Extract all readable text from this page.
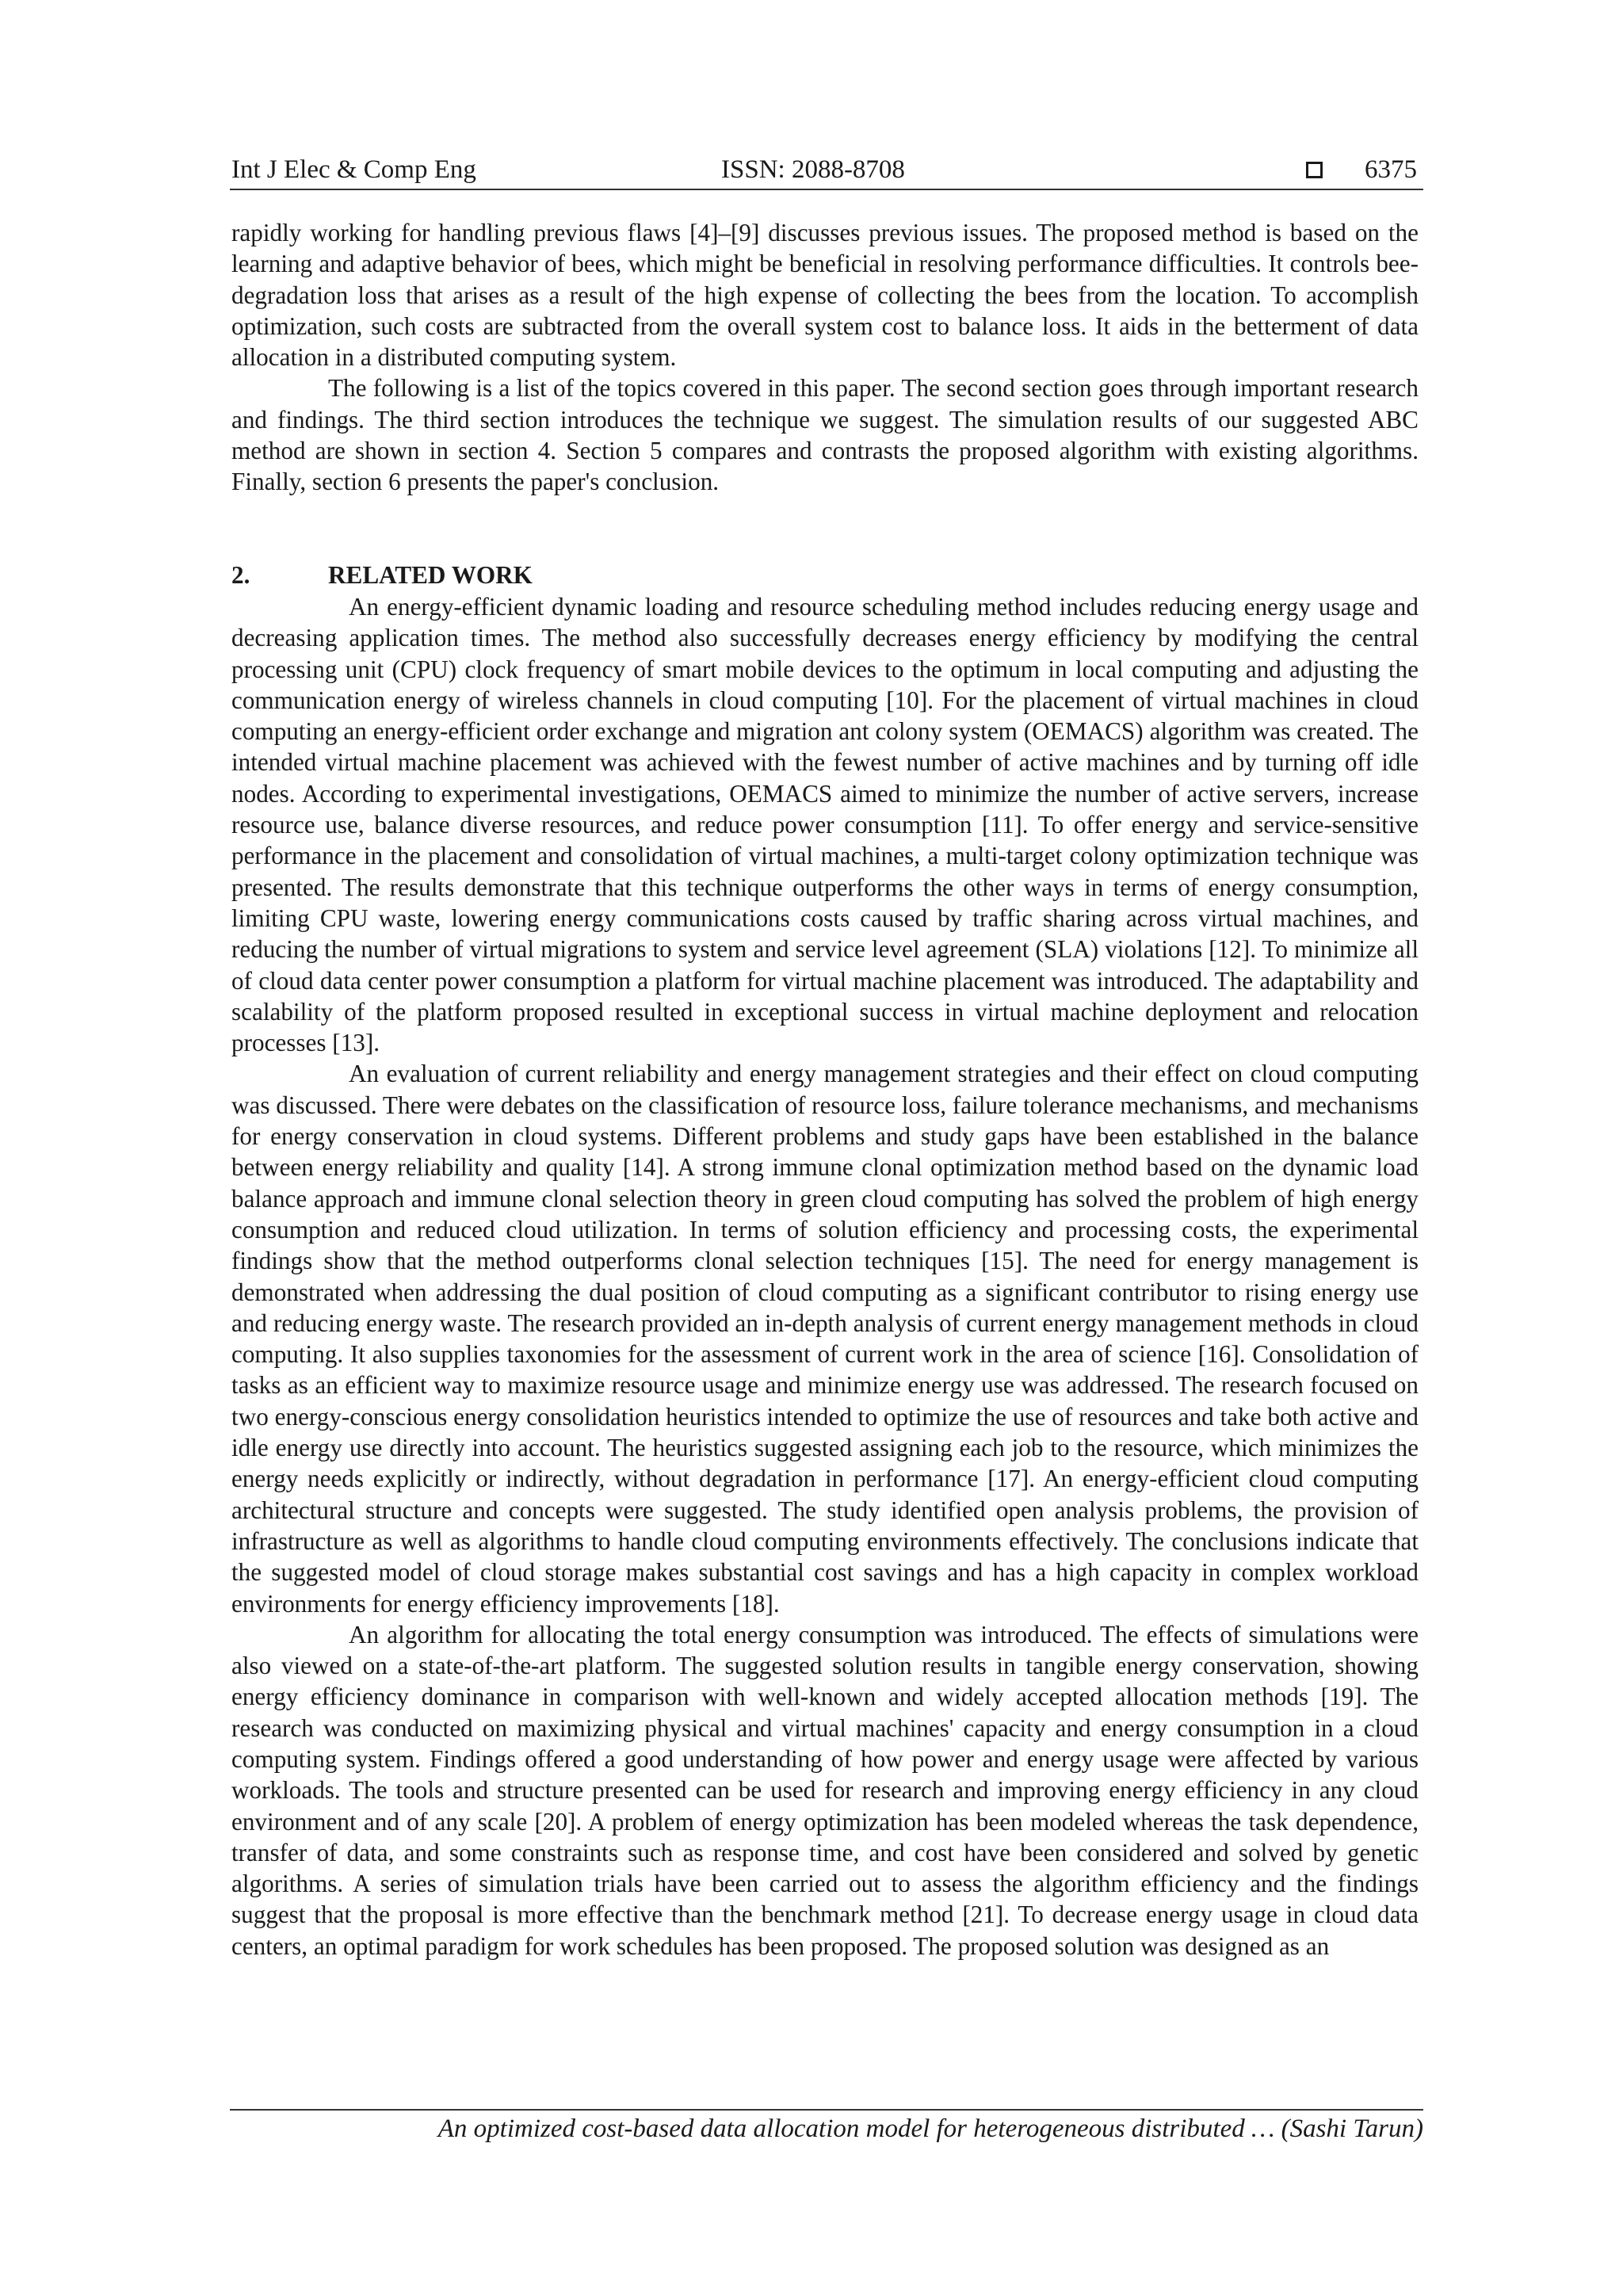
Int J Elec & Comp Eng	ISSN: 2088-8708	6375

rapidly working for handling previous flaws [4]–[9] discusses previous issues. The proposed method is based on the learning and adaptive behavior of bees, which might be beneficial in resolving performance difficulties. It controls bee-degradation loss that arises as a result of the high expense of collecting the bees from the location. To accomplish optimization, such costs are subtracted from the overall system cost to balance loss. It aids in the betterment of data allocation in a distributed computing system.

The following is a list of the topics covered in this paper. The second section goes through important research and findings. The third section introduces the technique we suggest. The simulation results of our suggested ABC method are shown in section 4. Section 5 compares and contrasts the proposed algorithm with existing algorithms. Finally, section 6 presents the paper's conclusion.

2.	RELATED WORK

An energy-efficient dynamic loading and resource scheduling method includes reducing energy usage and decreasing application times. The method also successfully decreases energy efficiency by modifying the central processing unit (CPU) clock frequency of smart mobile devices to the optimum in local computing and adjusting the communication energy of wireless channels in cloud computing [10]. For the placement of virtual machines in cloud computing an energy-efficient order exchange and migration ant colony system (OEMACS) algorithm was created. The intended virtual machine placement was achieved with the fewest number of active machines and by turning off idle nodes. According to experimental investigations, OEMACS aimed to minimize the number of active servers, increase resource use, balance diverse resources, and reduce power consumption [11]. To offer energy and service-sensitive performance in the placement and consolidation of virtual machines, a multi-target colony optimization technique was presented. The results demonstrate that this technique outperforms the other ways in terms of energy consumption, limiting CPU waste, lowering energy communications costs caused by traffic sharing across virtual machines, and reducing the number of virtual migrations to system and service level agreement (SLA) violations [12]. To minimize all of cloud data center power consumption a platform for virtual machine placement was introduced. The adaptability and scalability of the platform proposed resulted in exceptional success in virtual machine deployment and relocation processes [13].

An evaluation of current reliability and energy management strategies and their effect on cloud computing was discussed. There were debates on the classification of resource loss, failure tolerance mechanisms, and mechanisms for energy conservation in cloud systems. Different problems and study gaps have been established in the balance between energy reliability and quality [14]. A strong immune clonal optimization method based on the dynamic load balance approach and immune clonal selection theory in green cloud computing has solved the problem of high energy consumption and reduced cloud utilization. In terms of solution efficiency and processing costs, the experimental findings show that the method outperforms clonal selection techniques [15]. The need for energy management is demonstrated when addressing the dual position of cloud computing as a significant contributor to rising energy use and reducing energy waste. The research provided an in-depth analysis of current energy management methods in cloud computing. It also supplies taxonomies for the assessment of current work in the area of science [16]. Consolidation of tasks as an efficient way to maximize resource usage and minimize energy use was addressed. The research focused on two energy-conscious energy consolidation heuristics intended to optimize the use of resources and take both active and idle energy use directly into account. The heuristics suggested assigning each job to the resource, which minimizes the energy needs explicitly or indirectly, without degradation in performance [17]. An energy-efficient cloud computing architectural structure and concepts were suggested. The study identified open analysis problems, the provision of infrastructure as well as algorithms to handle cloud computing environments effectively. The conclusions indicate that the suggested model of cloud storage makes substantial cost savings and has a high capacity in complex workload environments for energy efficiency improvements [18].

An algorithm for allocating the total energy consumption was introduced. The effects of simulations were also viewed on a state-of-the-art platform. The suggested solution results in tangible energy conservation, showing energy efficiency dominance in comparison with well-known and widely accepted allocation methods [19]. The research was conducted on maximizing physical and virtual machines' capacity and energy consumption in a cloud computing system. Findings offered a good understanding of how power and energy usage were affected by various workloads. The tools and structure presented can be used for research and improving energy efficiency in any cloud environment and of any scale [20]. A problem of energy optimization has been modeled whereas the task dependence, transfer of data, and some constraints such as response time, and cost have been considered and solved by genetic algorithms. A series of simulation trials have been carried out to assess the algorithm efficiency and the findings suggest that the proposal is more effective than the benchmark method [21]. To decrease energy usage in cloud data centers, an optimal paradigm for work schedules has been proposed. The proposed solution was designed as an

An optimized cost-based data allocation model for heterogeneous distributed … (Sashi Tarun)
